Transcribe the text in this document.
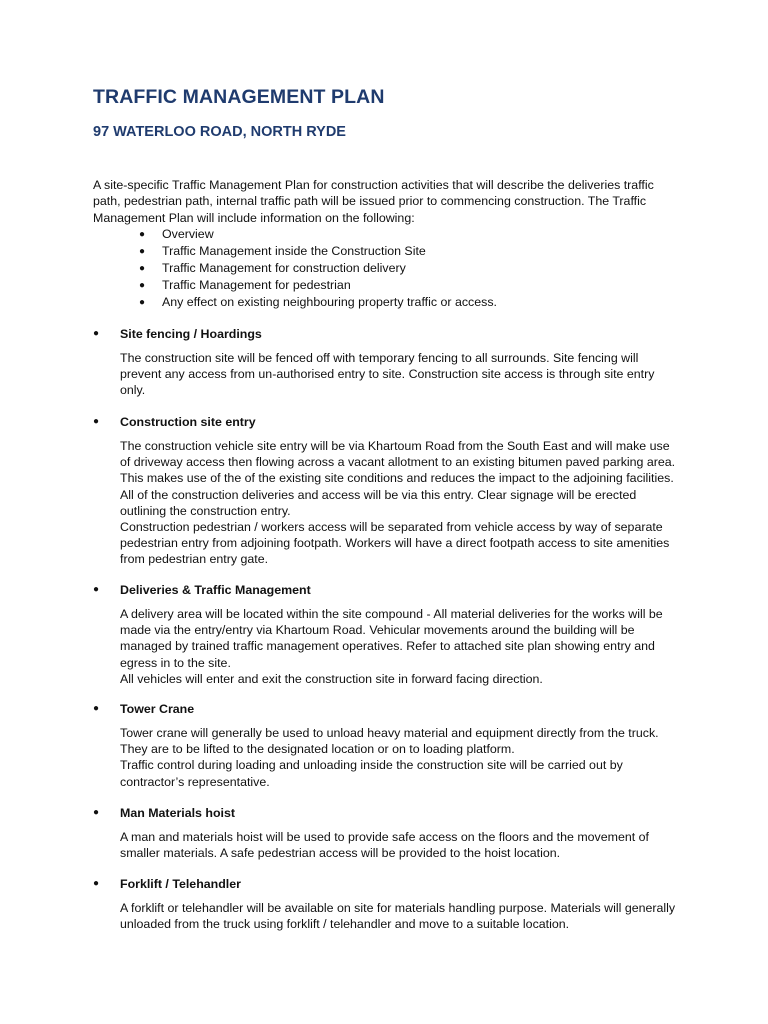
TRAFFIC MANAGEMENT PLAN
97 WATERLOO ROAD, NORTH RYDE

A site-specific Traffic Management Plan for construction activities that will describe the deliveries traffic path, pedestrian path, internal traffic path will be issued prior to commencing construction. The Traffic Management Plan will include information on the following:

● Overview
● Traffic Management inside the Construction Site
● Traffic Management for construction delivery
● Traffic Management for pedestrian
● Any effect on existing neighbouring property traffic or access.
● Site fencing / Hoardings

The construction site will be fenced off with temporary fencing to all surrounds. Site fencing will prevent any access from un-authorised entry to site. Construction site access is through site entry only.

● Construction site entry

The construction vehicle site entry will be via Khartoum Road from the South East and will make use of driveway access then flowing across a vacant allotment to an existing bitumen paved parking area. This makes use of the of the existing site conditions and reduces the impact to the adjoining facilities. All of the construction deliveries and access will be via this entry. Clear signage will be erected outlining the construction entry.
Construction pedestrian / workers access will be separated from vehicle access by way of separate pedestrian entry from adjoining footpath. Workers will have a direct footpath access to site amenities from pedestrian entry gate.

● Deliveries & Traffic Management

A delivery area will be located within the site compound - All material deliveries for the works will be made via the entry/entry via Khartoum Road. Vehicular movements around the building will be managed by trained traffic management operatives. Refer to attached site plan showing entry and egress in to the site.
All vehicles will enter and exit the construction site in forward facing direction.

● Tower Crane

Tower crane will generally be used to unload heavy material and equipment directly from the truck. They are to be lifted to the designated location or on to loading platform.
Traffic control during loading and unloading inside the construction site will be carried out by contractor’s representative.

● Man Materials hoist

A man and materials hoist will be used to provide safe access on the floors and the movement of smaller materials. A safe pedestrian access will be provided to the hoist location.

● Forklift / Telehandler

A forklift or telehandler will be available on site for materials handling purpose. Materials will generally unloaded from the truck using forklift / telehandler and move to a suitable location.
